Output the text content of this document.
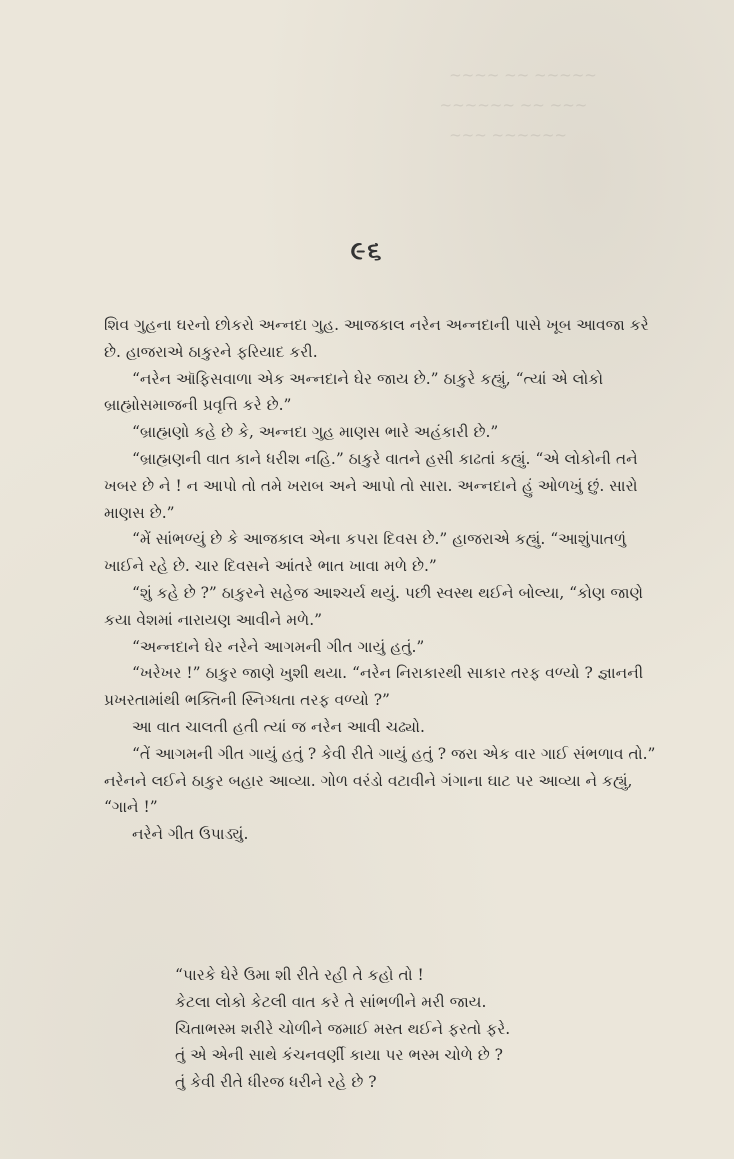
~~~~ ~~ ~~~~~
~~~~~~ ~~ ~~~
~~~ ~~~~~~
૯૬

શિવ ગુહના ઘરનો છોકરો અન્નદા ગુહ. આજકાલ નરેન અન્નદાની પાસે ખૂબ આવજા કરે છે. હાજરાએ ઠાકુરને ફરિયાદ કરી.

“નરેન ઑફિસવાળા એક અન્નદાને ઘેર જાય છે.” ઠાકુરે કહ્યું, “ત્યાં એ લોકો બ્રાહ્મોસમાજની પ્રવૃત્તિ કરે છે.”

“બ્રાહ્મણો કહે છે કે, અન્નદા ગુહ માણસ ભારે અહંકારી છે.”

“બ્રાહ્મણની વાત કાને ધરીશ નહિ.” ઠાકુરે વાતને હસી કાઢતાં કહ્યું. “એ લોકોની તને ખબર છે ને ! ન આપો તો તમે ખરાબ અને આપો તો સારા. અન્નદાને હું ઓળખું છું. સારો માણસ છે.”

“મેં સાંભળ્યું છે કે આજકાલ એના કપરા દિવસ છે.” હાજરાએ કહ્યું. “આશુંપાતળું ખાઈને રહે છે. ચાર દિવસને આંતરે ભાત ખાવા મળે છે.”

“શું કહે છે ?” ઠાકુરને સહેજ આશ્ચર્ય થયું. પછી સ્વસ્થ થઈને બોલ્યા, “કોણ જાણે કયા વેશમાં નારાયણ આવીને મળે.”

“અન્નદાને ઘેર નરેને આગમની ગીત ગાયું હતું.”

“ખરેખર !” ઠાકુર જાણે ખુશી થયા. “નરેન નિરાકારથી સાકાર તરફ વળ્યો ? જ્ઞાનની પ્રખરતામાંથી ભક્તિની સ્નિગ્ધતા તરફ વળ્યો ?”

આ વાત ચાલતી હતી ત્યાં જ નરેન આવી ચઢ્યો.

“તેં આગમની ગીત ગાયું હતું ? કેવી રીતે ગાયું હતું ? જરા એક વાર ગાઈ સંભળાવ તો.” નરેનને લઈને ઠાકુર બહાર આવ્યા. ગોળ વરંડો વટાવીને ગંગાના ઘાટ પર આવ્યા ને કહ્યું, “ગાને !”

નરેને ગીત ઉપાડ્યું.

“પારકે ઘેરે ઉમા શી રીતે રહી તે કહો તો !
કેટલા લોકો કેટલી વાત કરે તે સાંભળીને મરી જાય.
ચિતાભસ્મ શરીરે ચોળીને જમાઈ મસ્ત થઈને ફરતો ફરે.
તું એ એની સાથે કંચનવર્ણી કાયા પર ભસ્મ ચોળે છે ?
તું કેવી રીતે ધીરજ ધરીને રહે છે ?
